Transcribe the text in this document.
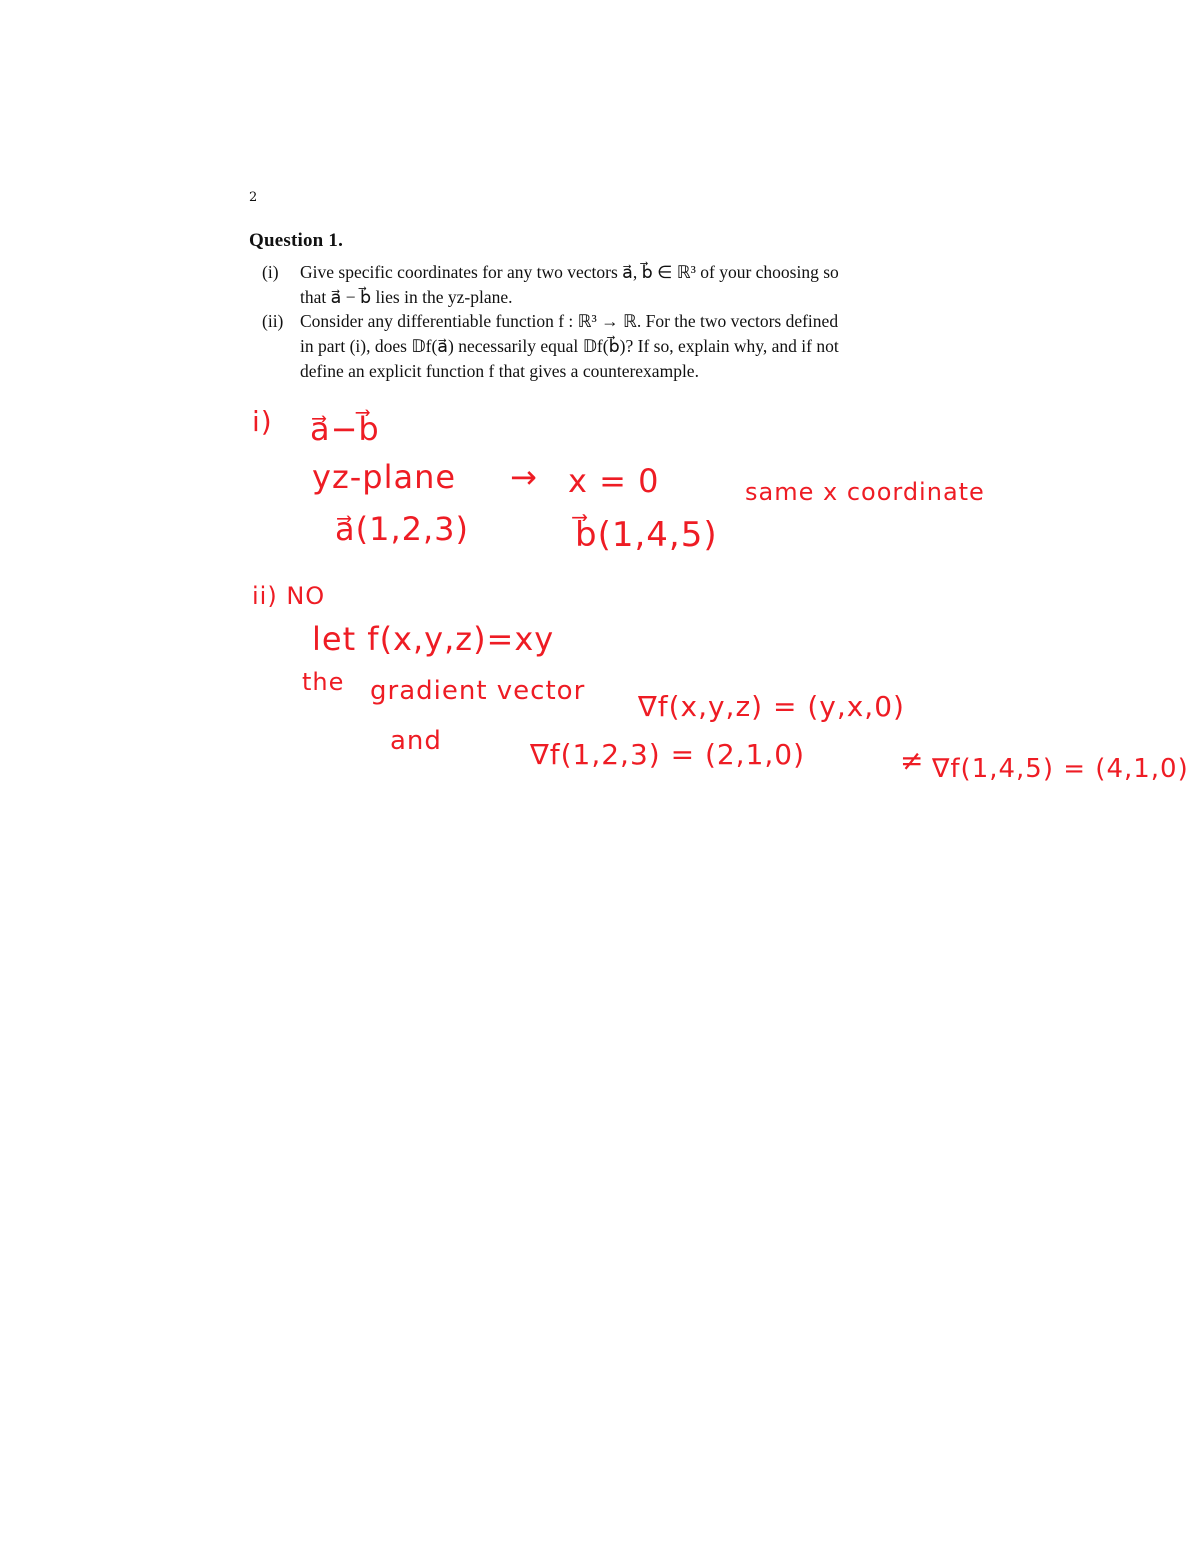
2
Question 1.
(i) Give specific coordinates for any two vectors a⃗, b⃗ ∈ ℝ³ of your choosing so
that a⃗ − b⃗ lies in the yz-plane.
(ii) Consider any differentiable function f : ℝ³ → ℝ. For the two vectors defined
in part (i), does 𝔻f(a⃗) necessarily equal 𝔻f(b⃗)? If so, explain why, and if not
define an explicit function f that gives a counterexample.
i) a⃗−b⃗
yz-plane → x = 0	same x coordinate
a⃗(1,2,3)	b⃗(1,4,5)
ii) NO
let f(x,y,z)=xy
the gradient vector ∇f(x,y,z) = (y,x,0)
and	∇f(1,2,3) = (2,1,0)	≠ ∇f(1,4,5) = (4,1,0)
